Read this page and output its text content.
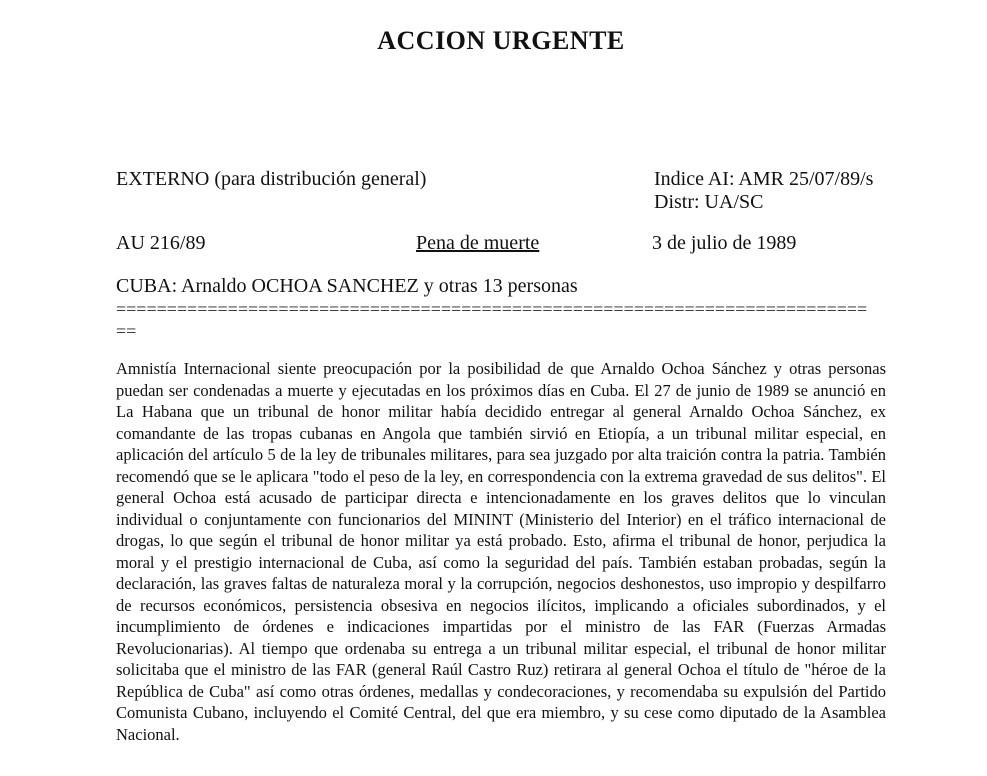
ACCION URGENTE
EXTERNO (para distribución general)	Indice AI: AMR 25/07/89/s
Distr: UA/SC
AU 216/89	Pena de muerte	3 de julio de 1989
CUBA: Arnaldo OCHOA SANCHEZ y otras 13 personas
==========================================================================
==
Amnistía Internacional siente preocupación por la posibilidad de que Arnaldo Ochoa Sánchez y otras personas puedan ser condenadas a muerte y ejecutadas en los próximos días en Cuba. El 27 de junio de 1989 se anunció en La Habana que un tribunal de honor militar había decidido entregar al general Arnaldo Ochoa Sánchez, ex comandante de las tropas cubanas en Angola que también sirvió en Etiopía, a un tribunal militar especial, en aplicación del artículo 5 de la ley de tribunales militares, para sea juzgado por alta traición contra la patria. También recomendó que se le aplicara "todo el peso de la ley, en correspondencia con la extrema gravedad de sus delitos". El general Ochoa está acusado de participar directa e intencionadamente en los graves delitos que lo vinculan individual o conjuntamente con funcionarios del MININT (Ministerio del Interior) en el tráfico internacional de drogas, lo que según el tribunal de honor militar ya está probado. Esto, afirma el tribunal de honor, perjudica la moral y el prestigio internacional de Cuba, así como la seguridad del país. También estaban probadas, según la declaración, las graves faltas de naturaleza moral y la corrupción, negocios deshonestos, uso impropio y despilfarro de recursos económicos, persistencia obsesiva en negocios ilícitos, implicando a oficiales subordinados, y el incumplimiento de órdenes e indicaciones impartidas por el ministro de las FAR (Fuerzas Armadas Revolucionarias). Al tiempo que ordenaba su entrega a un tribunal militar especial, el tribunal de honor militar solicitaba que el ministro de las FAR (general Raúl Castro Ruz) retirara al general Ochoa el título de "héroe de la República de Cuba" así como otras órdenes, medallas y condecoraciones, y recomendaba su expulsión del Partido Comunista Cubano, incluyendo el Comité Central, del que era miembro, y su cese como diputado de la Asamblea Nacional.
